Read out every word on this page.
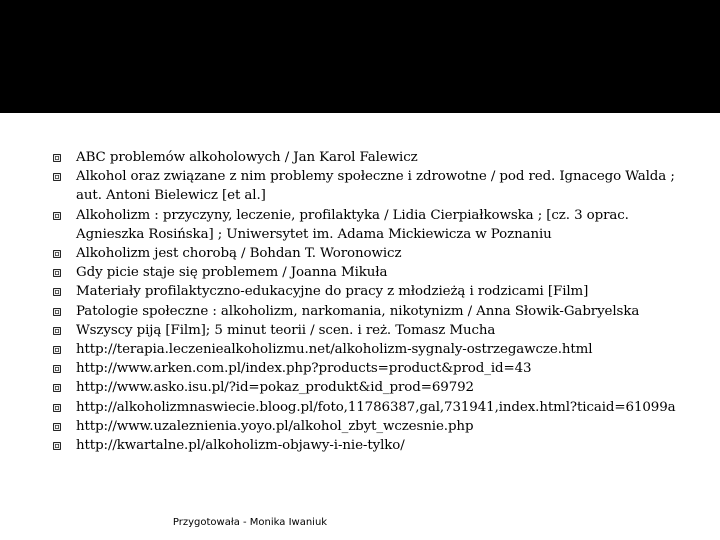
ABC problemów alkoholowych / Jan Karol Falewicz
Alkohol oraz związane z nim problemy społeczne i zdrowotne / pod red. Ignacego Walda ; aut. Antoni Bielewicz [et al.]
Alkoholizm : przyczyny, leczenie, profilaktyka / Lidia Cierpiałkowska ; [cz. 3 oprac. Agnieszka Rosińska] ; Uniwersytet im. Adama Mickiewicza w Poznaniu
Alkoholizm jest chorobą / Bohdan T. Woronowicz
Gdy picie staje się problemem / Joanna Mikuła
Materiały profilaktyczno-edukacyjne do pracy z młodzieżą i rodzicami [Film]
Patologie społeczne : alkoholizm, narkomania, nikotynizm / Anna Słowik-Gabryelska
Wszyscy piją [Film]; 5 minut teorii / scen. i reż. Tomasz Mucha
http://terapia.leczeniealkoholizmu.net/alkoholizm-sygnaly-ostrzegawcze.html
http://www.arken.com.pl/index.php?products=product&prod_id=43
http://www.asko.isu.pl/?id=pokaz_produkt&id_prod=69792
http://alkoholizmnaswiecie.bloog.pl/foto,11786387,gal,731941,index.html?ticaid=61099a
http://www.uzaleznienia.yoyo.pl/alkohol_zbyt_wczesnie.php
http://kwartalne.pl/alkoholizm-objawy-i-nie-tylko/
Przygotowała - Monika Iwaniuk
